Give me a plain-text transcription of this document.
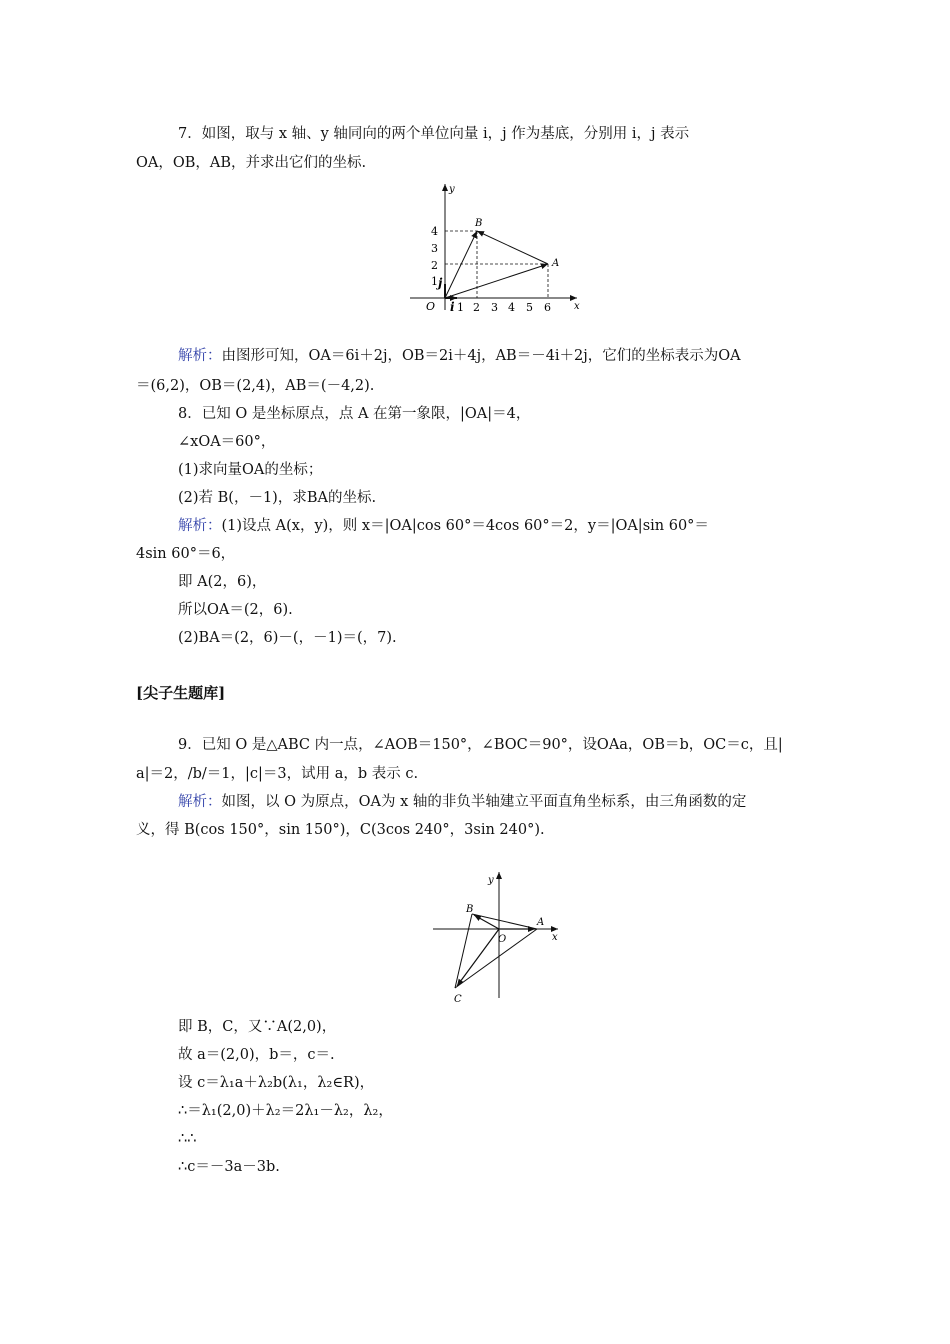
7．如图，取与 x 轴、y 轴同向的两个单位向量 i，j 作为基底，分别用 i，j 表示
OA，OB，AB，并求出它们的坐标.
y
x
O
A
B
i
j
1 2 3 4 5 6
1
2
3
4
解析：由图形可知，OA＝6i＋2j，OB＝2i＋4j，AB＝－4i＋2j，它们的坐标表示为OA
＝(6,2)，OB＝(2,4)，AB＝(－4,2).
8．已知 O 是坐标原点，点 A 在第一象限，|OA|＝4，
∠xOA＝60°，
(1)求向量OA的坐标；
(2)若 B(，－1)，求BA的坐标.
解析：(1)设点 A(x，y)，则 x＝|OA|cos 60°＝4cos 60°＝2，y＝|OA|sin 60°＝
4sin 60°＝6，
即 A(2，6)，
所以OA＝(2，6).
(2)BA＝(2，6)－(，－1)＝(，7).
[尖子生题库]
9．已知 O 是△ABC 内一点，∠AOB＝150°，∠BOC＝90°，设OAa，OB＝b，OC＝c，且|
a|＝2，/b/＝1，|c|＝3，试用 a，b 表示 c.
解析：如图，以 O 为原点，OA为 x 轴的非负半轴建立平面直角坐标系，由三角函数的定
义，得 B(cos 150°，sin 150°)，C(3cos 240°，3sin 240°).
y
x
O
A
B
C
即 B，C，又∵A(2,0)，
故 a＝(2,0)，b＝，c＝.
设 c＝λ₁a＋λ₂b(λ₁，λ₂∈R)，
∴＝λ₁(2,0)＋λ₂＝2λ₁－λ₂，λ₂，
∴∴
∴c＝－3a－3b.
